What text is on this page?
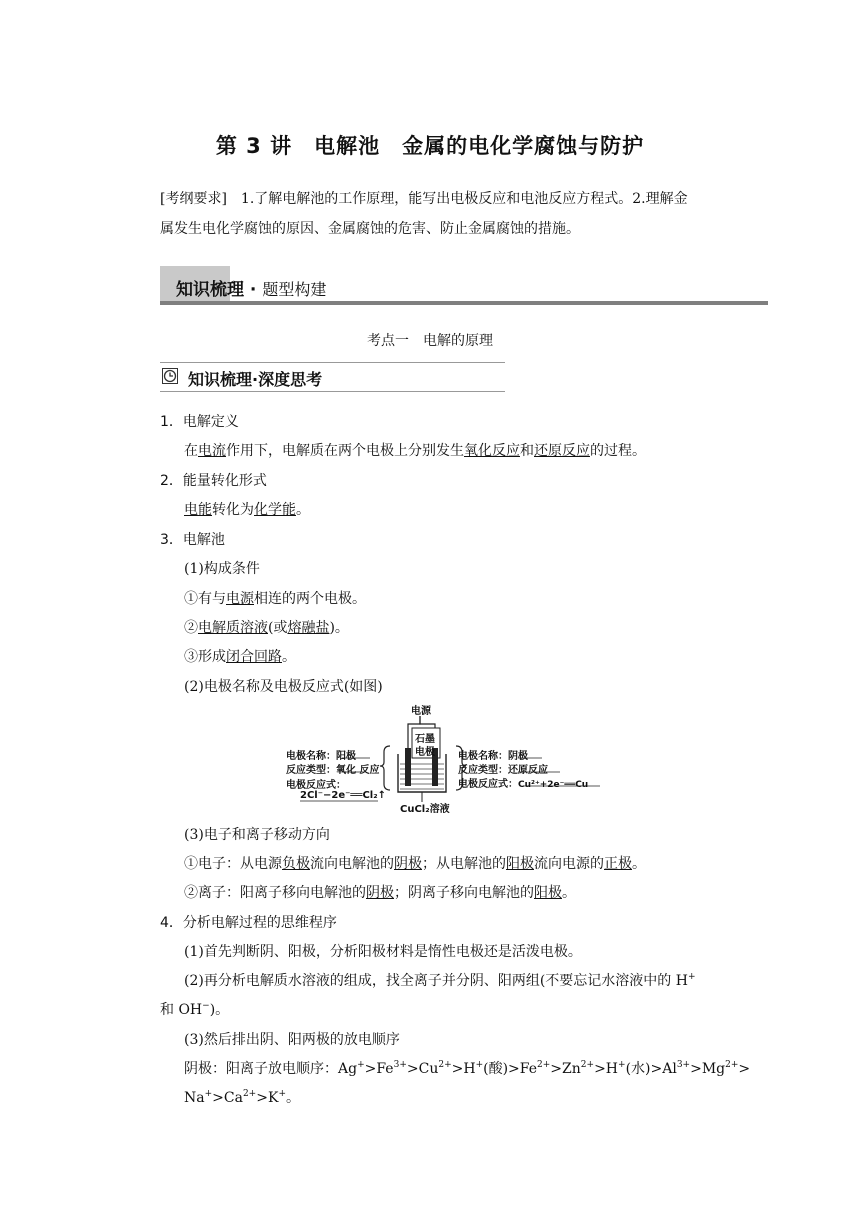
第 3 讲　电解池　金属的电化学腐蚀与防护
[考纲要求]　1.了解电解池的工作原理，能写出电极反应和电池反应方程式。2.理解金
属发生电化学腐蚀的原因、金属腐蚀的危害、防止金属腐蚀的措施。
知识梳理 · 题型构建
考点一　电解的原理
知识梳理·深度思考
1．电解定义
在电流作用下，电解质在两个电极上分别发生氧化反应和还原反应的过程。
2．能量转化形式
电能转化为化学能。
3．电解池
(1)构成条件
①有与电源相连的两个电极。
②电解质溶液(或熔融盐)。
③形成闭合回路。
(2)电极名称及电极反应式(如图)
电源
石墨
电极
电极名称：阳极
反应类型：氧化 反应
电极反应式：
2Cl⁻−2e⁻══Cl₂↑
电极名称：阴极
反应类型：还原反应
电极反应式：Cu²⁺+2e⁻══Cu
CuCl₂溶液
(3)电子和离子移动方向
①电子：从电源负极流向电解池的阴极；从电解池的阳极流向电源的正极。
②离子：阳离子移向电解池的阴极；阴离子移向电解池的阳极。
4．分析电解过程的思维程序
(1)首先判断阴、阳极，分析阳极材料是惰性电极还是活泼电极。
(2)再分析电解质水溶液的组成，找全离子并分阴、阳两组(不要忘记水溶液中的 H+
和 OH−)。
(3)然后排出阴、阳两极的放电顺序
阴极：阳离子放电顺序：$Ag^+>Fe^{3+}>Cu^{2+}>H^+$(酸)$>Fe^{2+}>Zn^{2+}>H^+$(水)$>Al^{3+}>Mg^{2+}>$
$Na^+>Ca^{2+}>K^+$。
